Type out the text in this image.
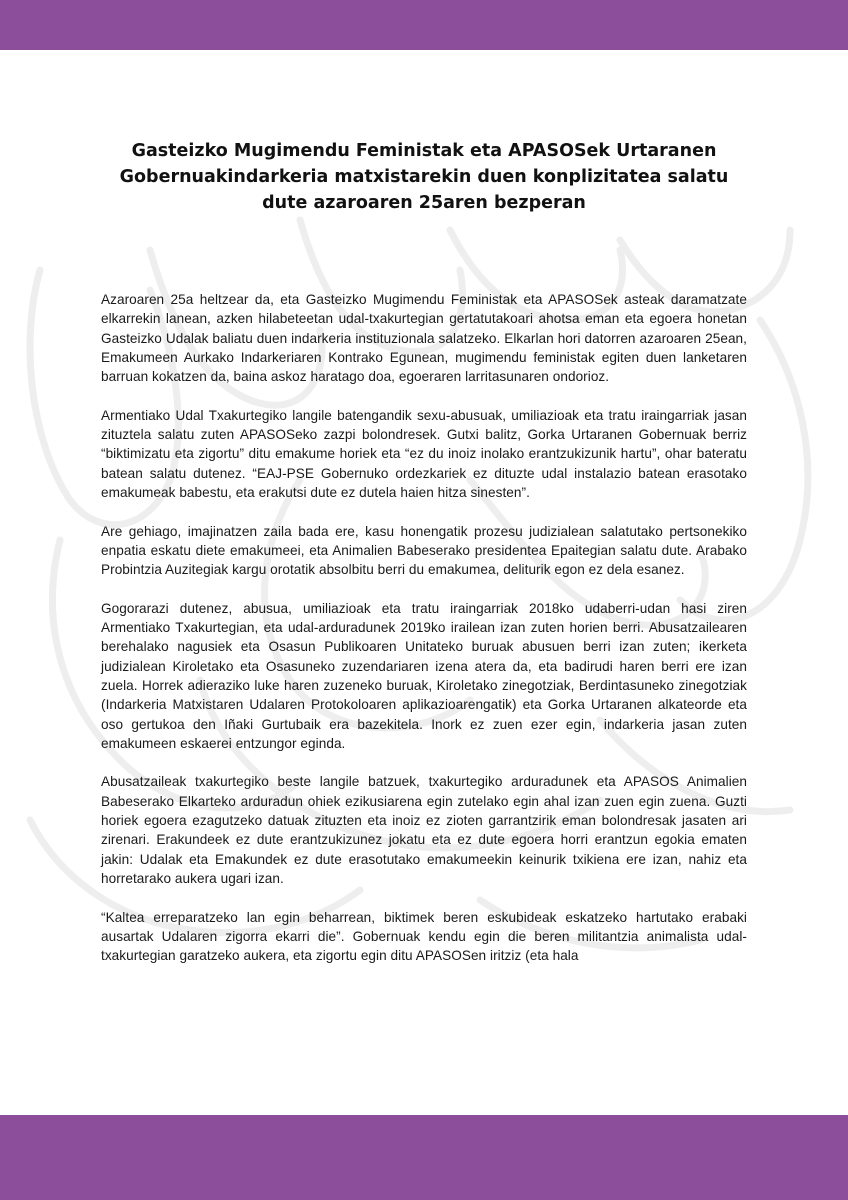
Gasteizko Mugimendu Feministak eta APASOSek Urtaranen Gobernuakindarkeria matxistarekin duen konplizitatea salatu dute azaroaren 25aren bezperan

Azaroaren 25a heltzear da, eta Gasteizko Mugimendu Feministak eta APASOSek asteak daramatzate elkarrekin lanean, azken hilabeteetan udal-txakurtegian gertatutakoari ahotsa eman eta egoera honetan Gasteizko Udalak baliatu duen indarkeria instituzionala salatzeko. Elkarlan hori datorren azaroaren 25ean, Emakumeen Aurkako Indarkeriaren Kontrako Egunean, mugimendu feministak egiten duen lanketaren barruan kokatzen da, baina askoz haratago doa, egoeraren larritasunaren ondorioz.

Armentiako Udal Txakurtegiko langile batengandik sexu-abusuak, umiliazioak eta tratu iraingarriak jasan zituztela salatu zuten APASOSeko zazpi bolondresek. Gutxi balitz, Gorka Urtaranen Gobernuak berriz “biktimizatu eta zigortu” ditu emakume horiek eta “ez du inoiz inolako erantzukizunik hartu”, ohar bateratu batean salatu dutenez. “EAJ-PSE Gobernuko ordezkariek ez dituzte udal instalazio batean erasotako emakumeak babestu, eta erakutsi dute ez dutela haien hitza sinesten”.

Are gehiago, imajinatzen zaila bada ere, kasu honengatik prozesu judizialean salatutako pertsonekiko enpatia eskatu diete emakumeei, eta Animalien Babeserako presidentea Epaitegian salatu dute. Arabako Probintzia Auzitegiak kargu orotatik absolbitu berri du emakumea, deliturik egon ez dela esanez.

Gogorarazi dutenez, abusua, umiliazioak eta tratu iraingarriak 2018ko udaberri-udan hasi ziren Armentiako Txakurtegian, eta udal-arduradunek 2019ko irailean izan zuten horien berri. Abusatzailearen berehalako nagusiek eta Osasun Publikoaren Unitateko buruak abusuen berri izan zuten; ikerketa judizialean Kiroletako eta Osasuneko zuzendariaren izena atera da, eta badirudi haren berri ere izan zuela. Horrek adieraziko luke haren zuzeneko buruak, Kiroletako zinegotziak, Berdintasuneko zinegotziak (Indarkeria Matxistaren Udalaren Protokoloaren aplikazioarengatik) eta Gorka Urtaranen alkateorde eta oso gertukoa den Iñaki Gurtubaik era bazekitela. Inork ez zuen ezer egin, indarkeria jasan zuten emakumeen eskaerei entzungor eginda.

Abusatzaileak txakurtegiko beste langile batzuek, txakurtegiko arduradunek eta APASOS Animalien Babeserako Elkarteko arduradun ohiek ezikusiarena egin zutelako egin ahal izan zuen egin zuena. Guzti horiek egoera ezagutzeko datuak zituzten eta inoiz ez zioten garrantzirik eman bolondresak jasaten ari zirenari. Erakundeek ez dute erantzukizunez jokatu eta ez dute egoera horri erantzun egokia ematen jakin: Udalak eta Emakundek ez dute erasotutako emakumeekin keinurik txikiena ere izan, nahiz eta horretarako aukera ugari izan.

“Kaltea erreparatzeko lan egin beharrean, biktimek beren eskubideak eskatzeko hartutako erabaki ausartak Udalaren zigorra ekarri die”. Gobernuak kendu egin die beren militantzia animalista udal-txakurtegian garatzeko aukera, eta zigortu egin ditu APASOSen iritziz (eta hala
